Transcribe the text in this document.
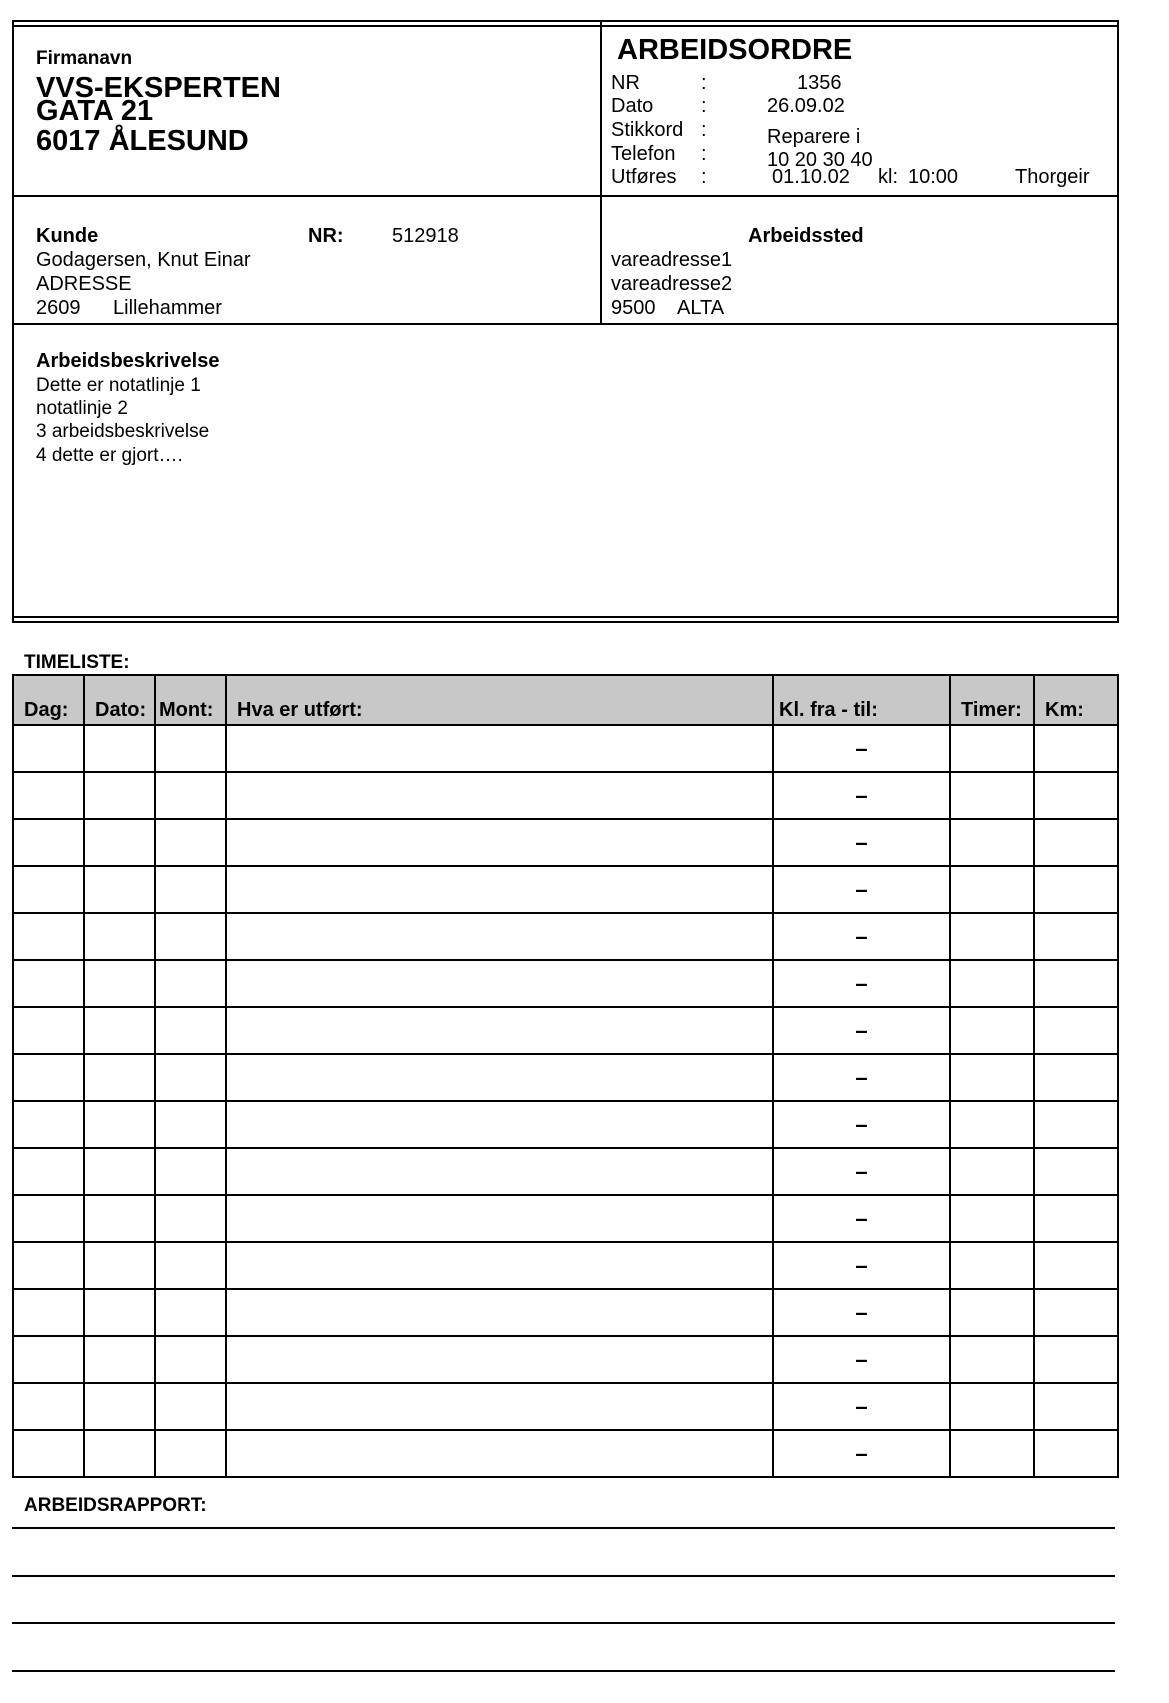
Firmanavn
VVS-EKSPERTEN
GATA 21
6017 ÅLESUND
ARBEIDSORDRE
NR	:	1356
Dato :	26.09.02
Stikkord :	Reparere i
Telefon :	10 20 30 40
Utføres :	01.10.02 kl: 10:00	Thorgeir
Kunde	NR: 512918
Godagersen, Knut Einar
ADRESSE
2609 Lillehammer
Arbeidssted
vareadresse1
vareadresse2
9500 ALTA
Arbeidsbeskrivelse
Dette er notatlinje 1
notatlinje 2
3 arbeidsbeskrivelse
4 dette er gjort….
TIMELISTE:
Dag:	Dato:	Mont:	Hva er utført:	Kl. fra - til:	Timer:	Km:
				–		
				–		
				–		
				–		
				–		
				–		
				–		
				–		
				–		
				–		
				–		
				–		
				–		
				–		
				–		
				–		
ARBEIDSRAPPORT:
